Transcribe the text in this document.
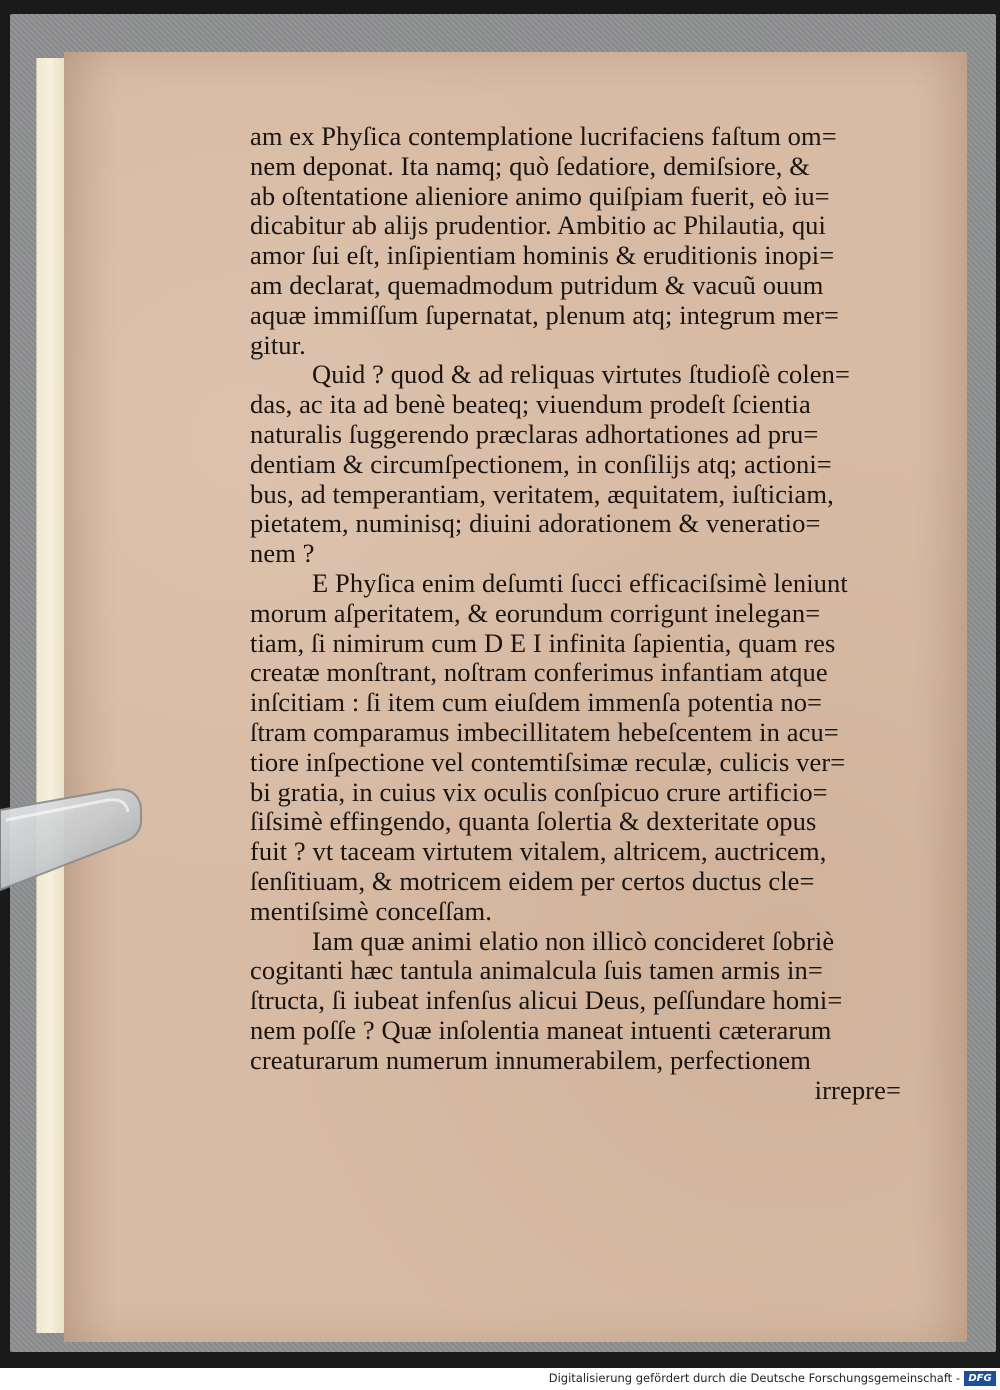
am ex Phyſica contemplatione lucrifaciens faſtum om=
nem deponat. Ita namq; quò ſedatiore, demiſsiore, &
ab oſtentatione alieniore animo quiſpiam fuerit, eò iu=
dicabitur ab alijs prudentior. Ambitio ac Philautia, qui
amor ſui eſt, inſipientiam hominis & eruditionis inopi=
am declarat, quemadmodum putridum & vacuũ ouum
aquæ immiſſum ſupernatat, plenum atq; integrum mer=
gitur.
Quid ? quod & ad reliquas virtutes ſtudioſè colen=
das, ac ita ad benè beateq; viuendum prodeſt ſcientia
naturalis ſuggerendo præclaras adhortationes ad pru=
dentiam & circumſpectionem, in conſilijs atq; actioni=
bus, ad temperantiam, veritatem, æquitatem, iuſticiam,
pietatem, numinisq; diuini adorationem & veneratio=
nem ?
E Phyſica enim deſumti ſucci efficaciſsimè leniunt
morum aſperitatem, & eorundum corrigunt inelegan=
tiam, ſi nimirum cum D E I infinita ſapientia, quam res
creatæ monſtrant, noſtram conferimus infantiam atque
inſcitiam : ſi item cum eiuſdem immenſa potentia no=
ſtram comparamus imbecillitatem hebeſcentem in acu=
tiore inſpectione vel contemtiſsimæ reculæ, culicis ver=
bi gratia, in cuius vix oculis conſpicuo crure artificio=
ſiſsimè effingendo, quanta ſolertia & dexteritate opus
fuit ? vt taceam virtutem vitalem, altricem, auctricem,
ſenſitiuam, & motricem eidem per certos ductus cle=
mentiſsimè conceſſam.
Iam quæ animi elatio non illicò concideret ſobriè
cogitanti hæc tantula animalcula ſuis tamen armis in=
ſtructa, ſi iubeat infenſus alicui Deus, peſſundare homi=
nem poſſe ? Quæ inſolentia maneat intuenti cæterarum
creaturarum numerum innumerabilem, perfectionem
irrepre=
Digitalisierung gefördert durch die Deutsche Forschungsgemeinschaft - DFG
